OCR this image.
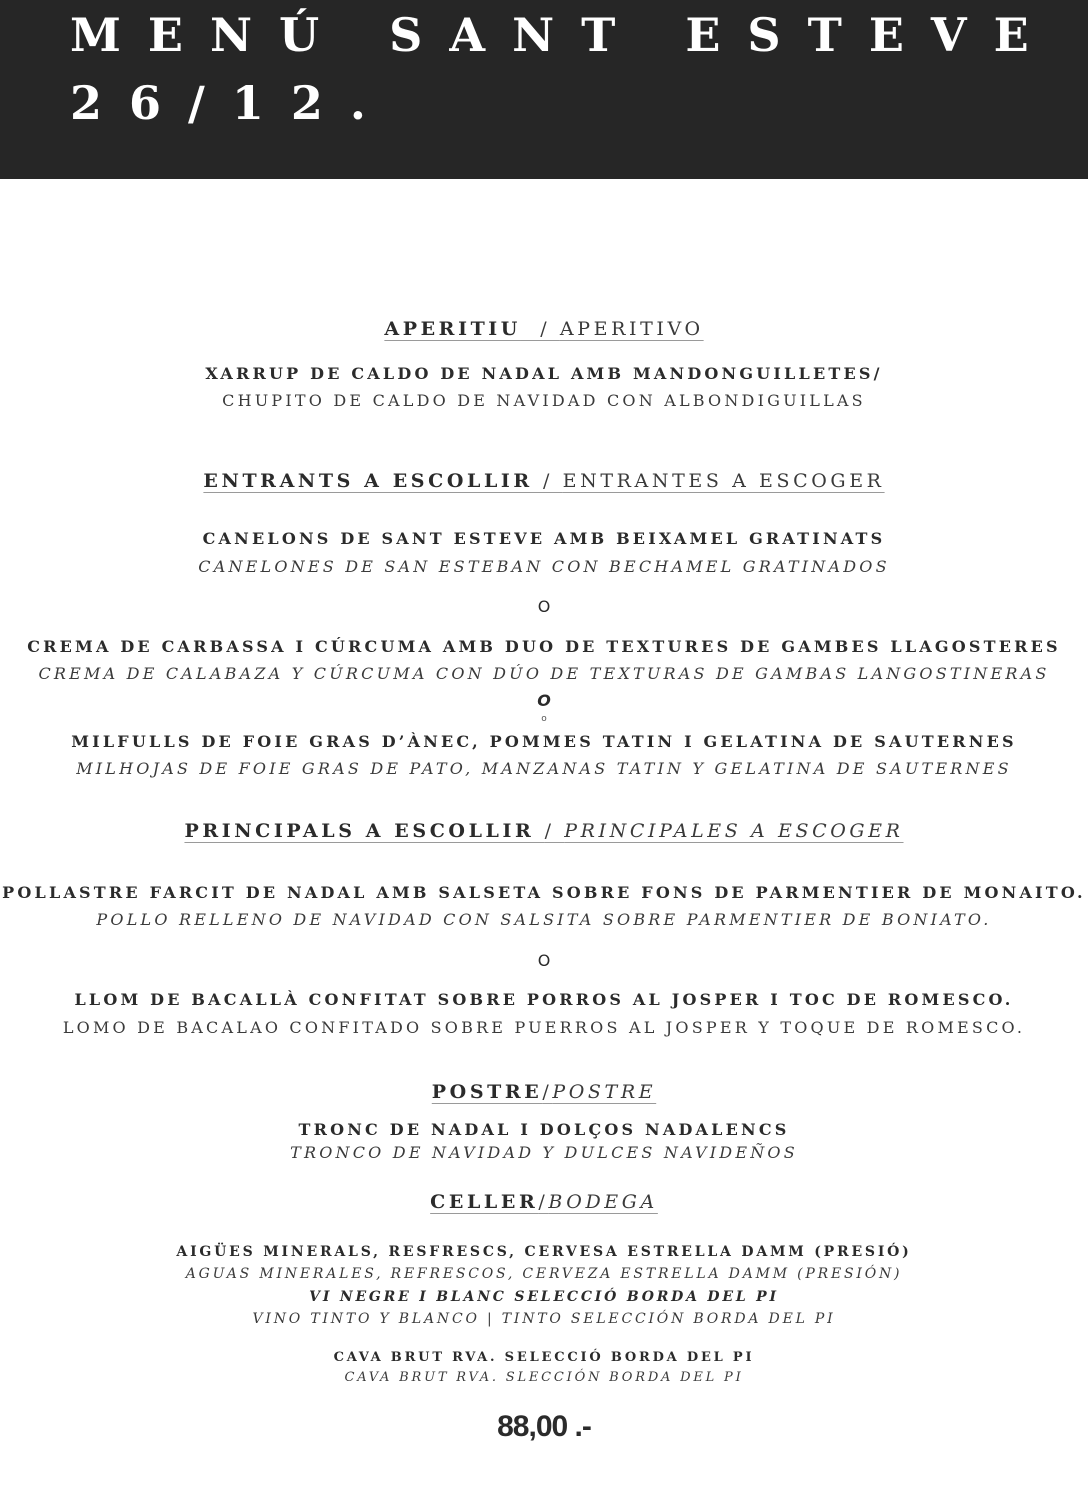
MENÚ SANT ESTEVE
26/12.
APERITIU  / APERITIVO
XARRUP DE CALDO DE NADAL AMB MANDONGUILLETES/
CHUPITO DE CALDO DE NAVIDAD CON ALBONDIGUILLAS
ENTRANTS A ESCOLLIR / ENTRANTES A ESCOGER
CANELONS DE SANT ESTEVE AMB BEIXAMEL GRATINATS
CANELONES DE SAN ESTEBAN CON BECHAMEL GRATINADOS
O
CREMA DE CARBASSA I CÚRCUMA AMB DUO DE TEXTURES DE GAMBES LLAGOSTERES
CREMA DE CALABAZA Y CÚRCUMA CON DÚO DE TEXTURAS DE GAMBAS LANGOSTINERAS
O
o
MILFULLS DE FOIE GRAS D’ÀNEC, POMMES TATIN I GELATINA DE SAUTERNES
MILHOJAS DE FOIE GRAS DE PATO, MANZANAS TATIN Y GELATINA DE SAUTERNES
PRINCIPALS A ESCOLLIR / PRINCIPALES A ESCOGER
POLLASTRE FARCIT DE NADAL AMB SALSETA SOBRE FONS DE PARMENTIER DE MONAITO.
POLLO RELLENO DE NAVIDAD CON SALSITA SOBRE PARMENTIER DE BONIATO.
O
LLOM DE BACALLÀ CONFITAT SOBRE PORROS AL JOSPER I TOC DE ROMESCO.
LOMO DE BACALAO CONFITADO SOBRE PUERROS AL JOSPER Y TOQUE DE ROMESCO.
POSTRE/POSTRE
TRONC DE NADAL I DOLÇOS NADALENCS
TRONCO DE NAVIDAD Y DULCES NAVIDEÑOS
CELLER/BODEGA
AIGÜES MINERALS, RESFRESCS, CERVESA ESTRELLA DAMM (PRESIÓ)
AGUAS MINERALES, REFRESCOS, CERVEZA ESTRELLA DAMM (PRESIÓN)
VI NEGRE I BLANC SELECCIÓ BORDA DEL PI
VINO TINTO Y BLANCO | TINTO SELECCIÓN BORDA DEL PI
CAVA BRUT RVA. SELECCIÓ BORDA DEL PI
CAVA BRUT RVA. SLECCIÓN BORDA DEL PI
88,00 .-
